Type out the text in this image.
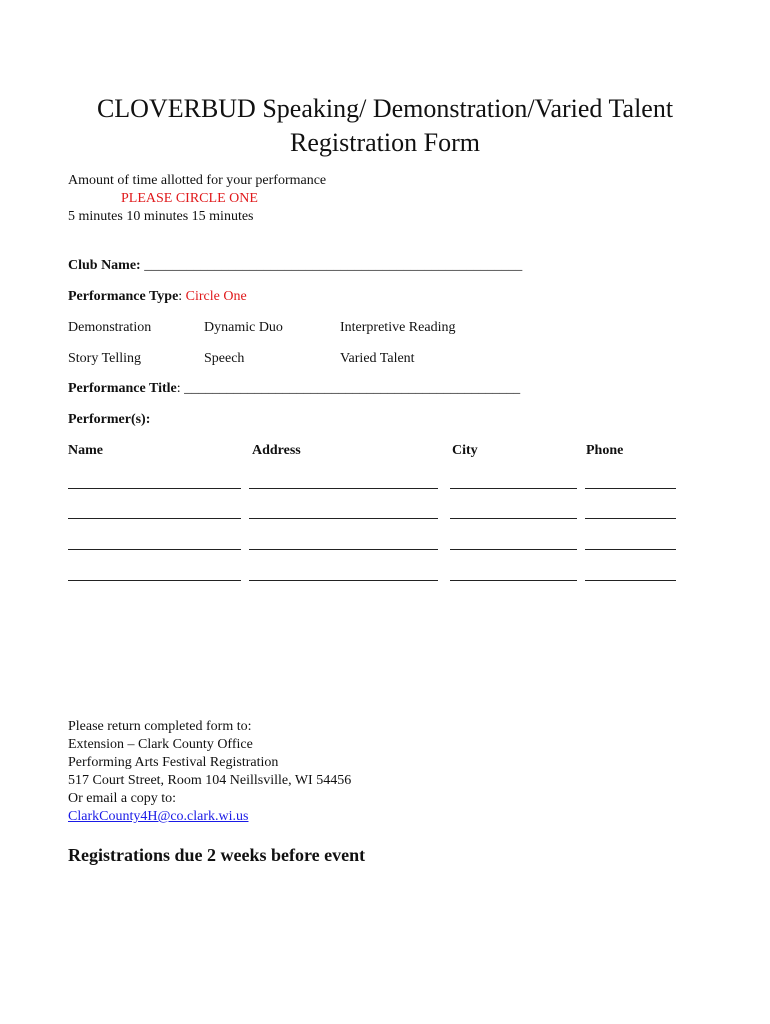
CLOVERBUD Speaking/ Demonstration/Varied Talent
Registration Form
Amount of time allotted for your performance
PLEASE CIRCLE ONE
5 minutes 10 minutes 15 minutes
Club Name: ______________________________________________________
Performance Type: Circle One
Demonstration	Dynamic Duo	Interpretive Reading
Story Telling	Speech	Varied Talent
Performance Title: ________________________________________________
Performer(s):
Name	Address	City	Phone
Please return completed form to:
Extension – Clark County Office
Performing Arts Festival Registration
517 Court Street, Room 104 Neillsville, WI 54456
Or email a copy to:
ClarkCounty4H@co.clark.wi.us
Registrations due 2 weeks before event
